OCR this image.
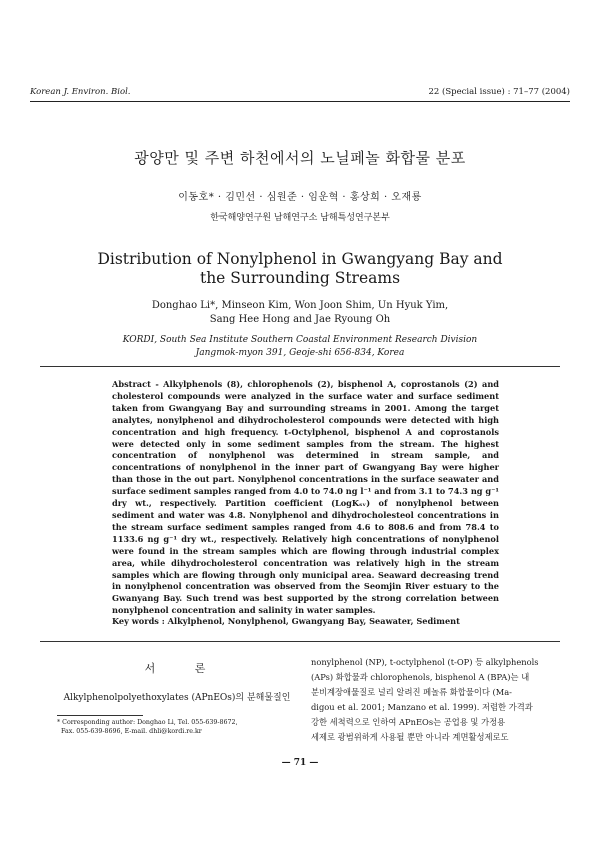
Korean J. Environ. Biol.	22 (Special issue) : 71–77 (2004)
광양만 및 주변 하천에서의 노닐페놀 화합물 분포
이동호* · 김민선 · 심원준 · 임운혁 · 홍상희 · 오재룡
한국해양연구원 남해연구소 남해특성연구본부
Distribution of Nonylphenol in Gwangyang Bay and
the Surrounding Streams
Donghao Li*, Minseon Kim, Won Joon Shim, Un Hyuk Yim,
Sang Hee Hong and Jae Ryoung Oh
KORDI, South Sea Institute Southern Coastal Environment Research Division
Jangmok-myon 391, Geoje-shi 656-834, Korea
Abstract - Alkylphenols (8), chlorophenols (2), bisphenol A, coprostanols (2) and cholesterol compounds were analyzed in the surface water and surface sediment taken from Gwangyang Bay and surrounding streams in 2001. Among the target analytes, nonylphenol and dihydrocholesterol compounds were detected with high concentration and high frequency. t-Octylphenol, bisphenol A and coprostanols were detected only in some sediment samples from the stream. The highest concentration of nonylphenol was determined in stream sample, and concentrations of nonylphenol in the inner part of Gwangyang Bay were higher than those in the out part. Nonylphenol concentrations in the surface seawater and surface sediment samples ranged from 4.0 to 74.0 ng l⁻¹ and from 3.1 to 74.3 ng g⁻¹ dry wt., respectively. Partition coefficient (LogKₛᵥ) of nonylphenol between sediment and water was 4.8. Nonylphenol and dihydrocholesteol concentrations in the stream surface sediment samples ranged from 4.6 to 808.6 and from 78.4 to 1133.6 ng g⁻¹ dry wt., respectively. Relatively high concentrations of nonylphenol were found in the stream samples which are flowing through industrial complex area, while dihydrocholesterol concentration was relatively high in the stream samples which are flowing through only municipal area. Seaward decreasing trend in nonylphenol concentration was observed from the Seomjin River estuary to the Gwanyang Bay. Such trend was best supported by the strong correlation between nonylphenol concentration and salinity in water samples.
Key words : Alkylphenol, Nonylphenol, Gwangyang Bay, Seawater, Sediment
서 론
Alkylphenolpolyethoxylates (APnEOs)의 분해물질인
* Corresponding author: Donghao Li, Tel. 055-639-8672,
Fax. 055-639-8696, E-mail. dhli@kordi.re.kr

nonylphenol (NP), t-octylphenol (t-OP) 등 alkylphenols

(APs) 화합물과 chlorophenols, bisphenol A (BPA)는 내

분비계장애물질로 널리 알려진 페놀류 화합물이다 (Ma-

digou et al. 2001; Manzano et al. 1999). 저렴한 가격과

강한 세척력으로 인하여 APnEOs는 공업용 및 가정용

세제로 광범위하게 사용될 뿐만 아니라 계면활성제로도

— 71 —
